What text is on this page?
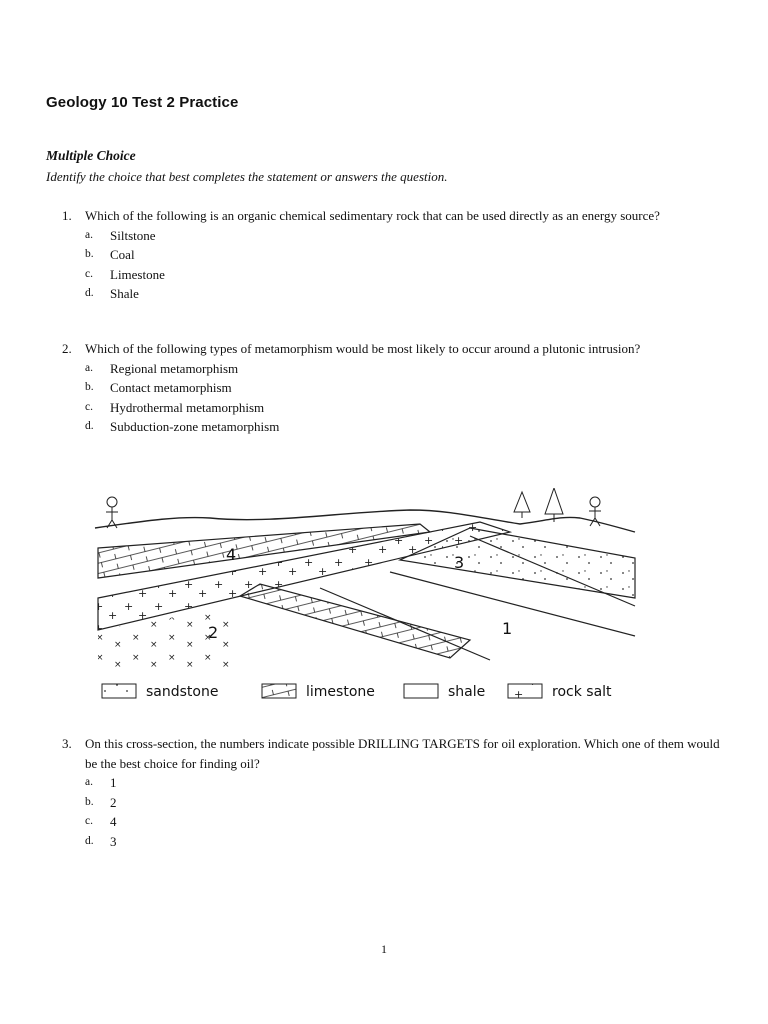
Geology 10 Test 2 Practice
Multiple Choice
Identify the choice that best completes the statement or answers the question.
1. Which of the following is an organic chemical sedimentary rock that can be used directly as an energy source?
a. Siltstone
b. Coal
c. Limestone
d. Shale
2. Which of the following types of metamorphism would be most likely to occur around a plutonic intrusion?
a. Regional metamorphism
b. Contact metamorphism
c. Hydrothermal metamorphism
d. Subduction-zone metamorphism
4	3
2	1
sandstone	limestone	shale	rock salt
3. On this cross-section, the numbers indicate possible DRILLING TARGETS for oil exploration. Which one of them would be the best choice for finding oil?
a. 1
b. 2
c. 4
d. 3
1
